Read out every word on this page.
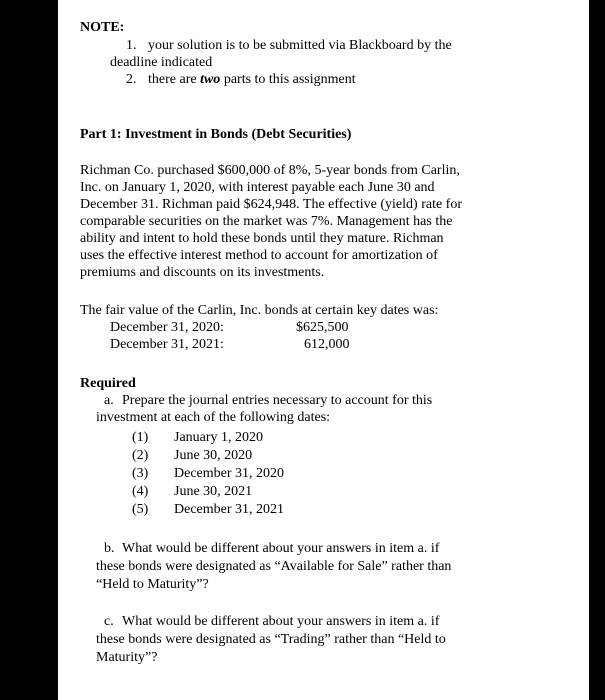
NOTE:
1. your solution is to be submitted via Blackboard by the
deadline indicated
2. there are two parts to this assignment
Part 1: Investment in Bonds (Debt Securities)
Richman Co. purchased $600,000 of 8%, 5-year bonds from Carlin,
Inc. on January 1, 2020, with interest payable each June 30 and
December 31. Richman paid $624,948. The effective (yield) rate for
comparable securities on the market was 7%. Management has the
ability and intent to hold these bonds until they mature. Richman
uses the effective interest method to account for amortization of
premiums and discounts on its investments.
The fair value of the Carlin, Inc. bonds at certain key dates was:
December 31, 2020:	$625,500
December 31, 2021:	612,000
Required
a. Prepare the journal entries necessary to account for this
investment at each of the following dates:
(1) January 1, 2020
(2) June 30, 2020
(3) December 31, 2020
(4) June 30, 2021
(5) December 31, 2021
b. What would be different about your answers in item a. if
these bonds were designated as “Available for Sale” rather than
“Held to Maturity”?
c. What would be different about your answers in item a. if
these bonds were designated as “Trading” rather than “Held to
Maturity”?
